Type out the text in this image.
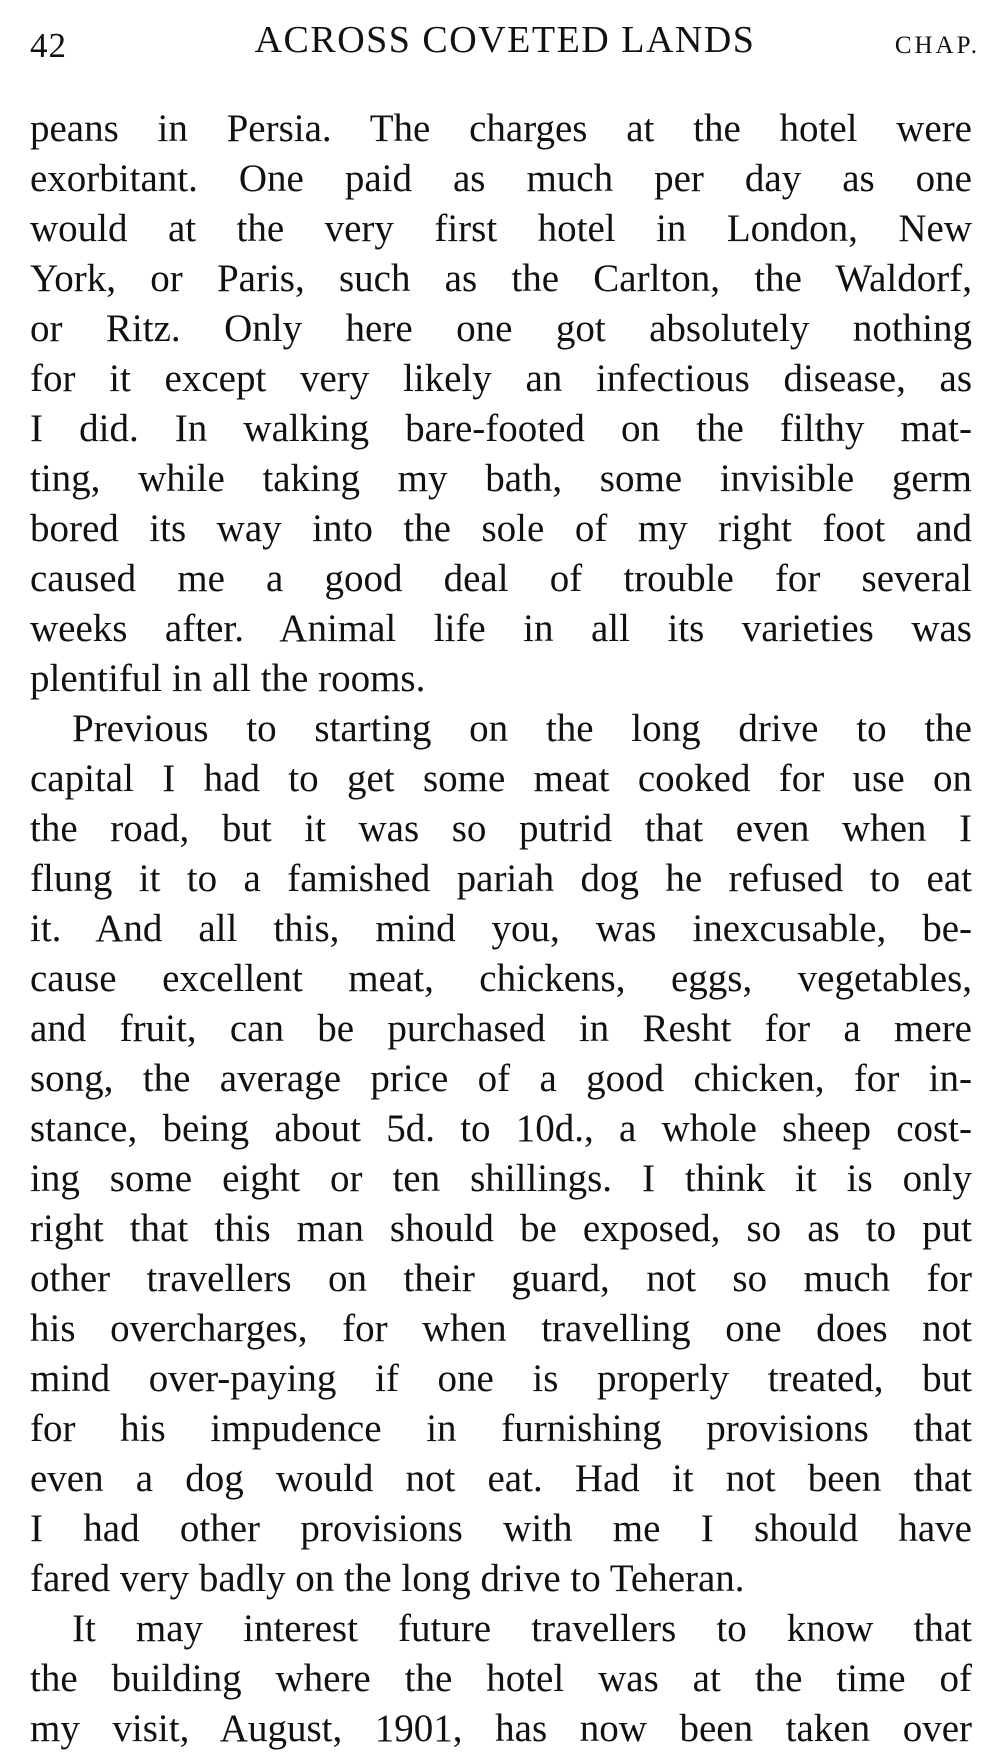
42	ACROSS COVETED LANDS	CHAP.
peans in Persia. The charges at the hotel were
exorbitant. One paid as much per day as one
would at the very first hotel in London, New
York, or Paris, such as the Carlton, the Waldorf,
or Ritz. Only here one got absolutely nothing
for it except very likely an infectious disease, as
I did. In walking bare-footed on the filthy mat-
ting, while taking my bath, some invisible germ
bored its way into the sole of my right foot and
caused me a good deal of trouble for several
weeks after. Animal life in all its varieties was
plentiful in all the rooms.
Previous to starting on the long drive to the
capital I had to get some meat cooked for use on
the road, but it was so putrid that even when I
flung it to a famished pariah dog he refused to eat
it. And all this, mind you, was inexcusable, be-
cause excellent meat, chickens, eggs, vegetables,
and fruit, can be purchased in Resht for a mere
song, the average price of a good chicken, for in-
stance, being about 5d. to 10d., a whole sheep cost-
ing some eight or ten shillings. I think it is only
right that this man should be exposed, so as to put
other travellers on their guard, not so much for
his overcharges, for when travelling one does not
mind over-paying if one is properly treated, but
for his impudence in furnishing provisions that
even a dog would not eat. Had it not been that
I had other provisions with me I should have
fared very badly on the long drive to Teheran.
It may interest future travellers to know that
the building where the hotel was at the time of
my visit, August, 1901, has now been taken over
